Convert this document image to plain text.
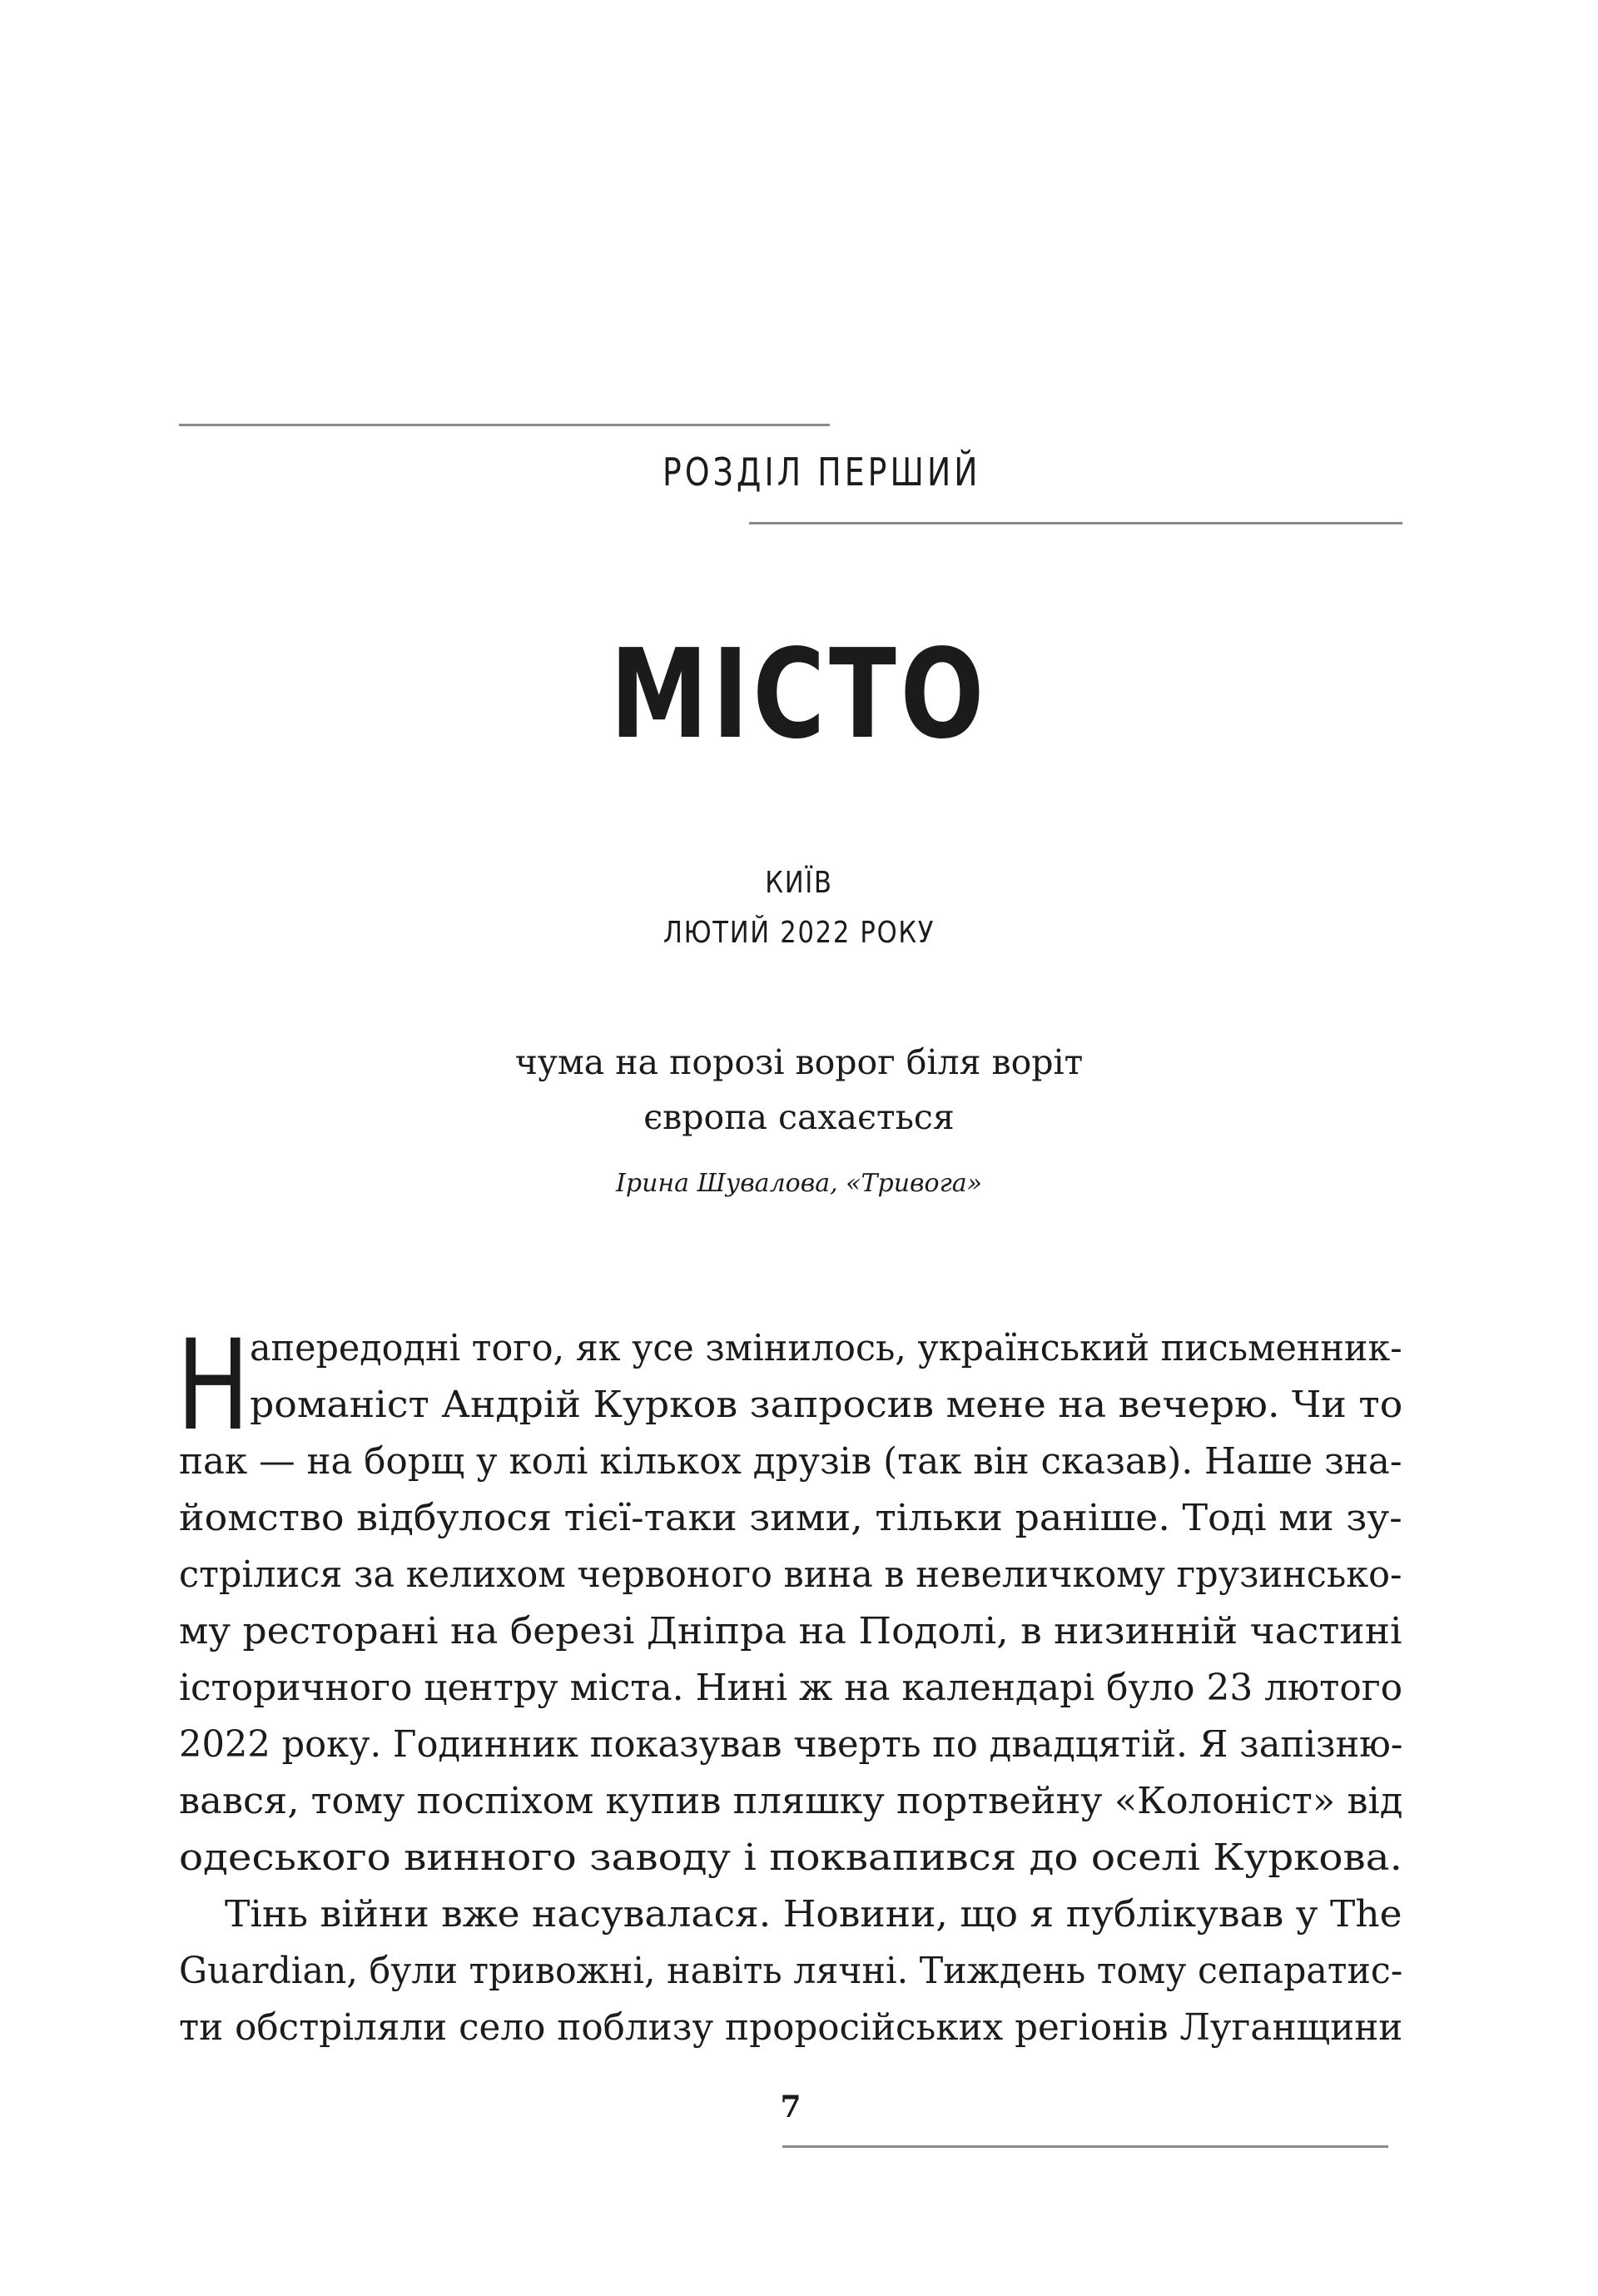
РОЗДІЛ ПЕРШИЙ
МІСТО
КИЇВ
ЛЮТИЙ 2022 РОКУ
чума на порозі ворог біля воріт
європа сахається
Ірина Шувалова, «Тривога»
Н апередодні того, як усе змінилось, український письменник-
романіст Андрій Курков запросив мене на вечерю. Чи то
пак — на борщ у колі кількох друзів (так він сказав). Наше зна-
йомство відбулося тієї-таки зими, тільки раніше. Тоді ми зу-
стрілися за келихом червоного вина в невеличкому грузинсько-
му ресторані на березі Дніпра на Подолі, в низинній частині
історичного центру міста. Нині ж на календарі було 23 лютого
2022 року. Годинник показував чверть по двадцятій. Я запізню-
вався, тому поспіхом купив пляшку портвейну «Колоніст» від
одеського винного заводу і поквапився до оселі Куркова.
Тінь війни вже насувалася. Новини, що я публікував у The
Guardian, були тривожні, навіть лячні. Тиждень тому сепаратис-
ти обстріляли село поблизу проросійських регіонів Луганщини
7
